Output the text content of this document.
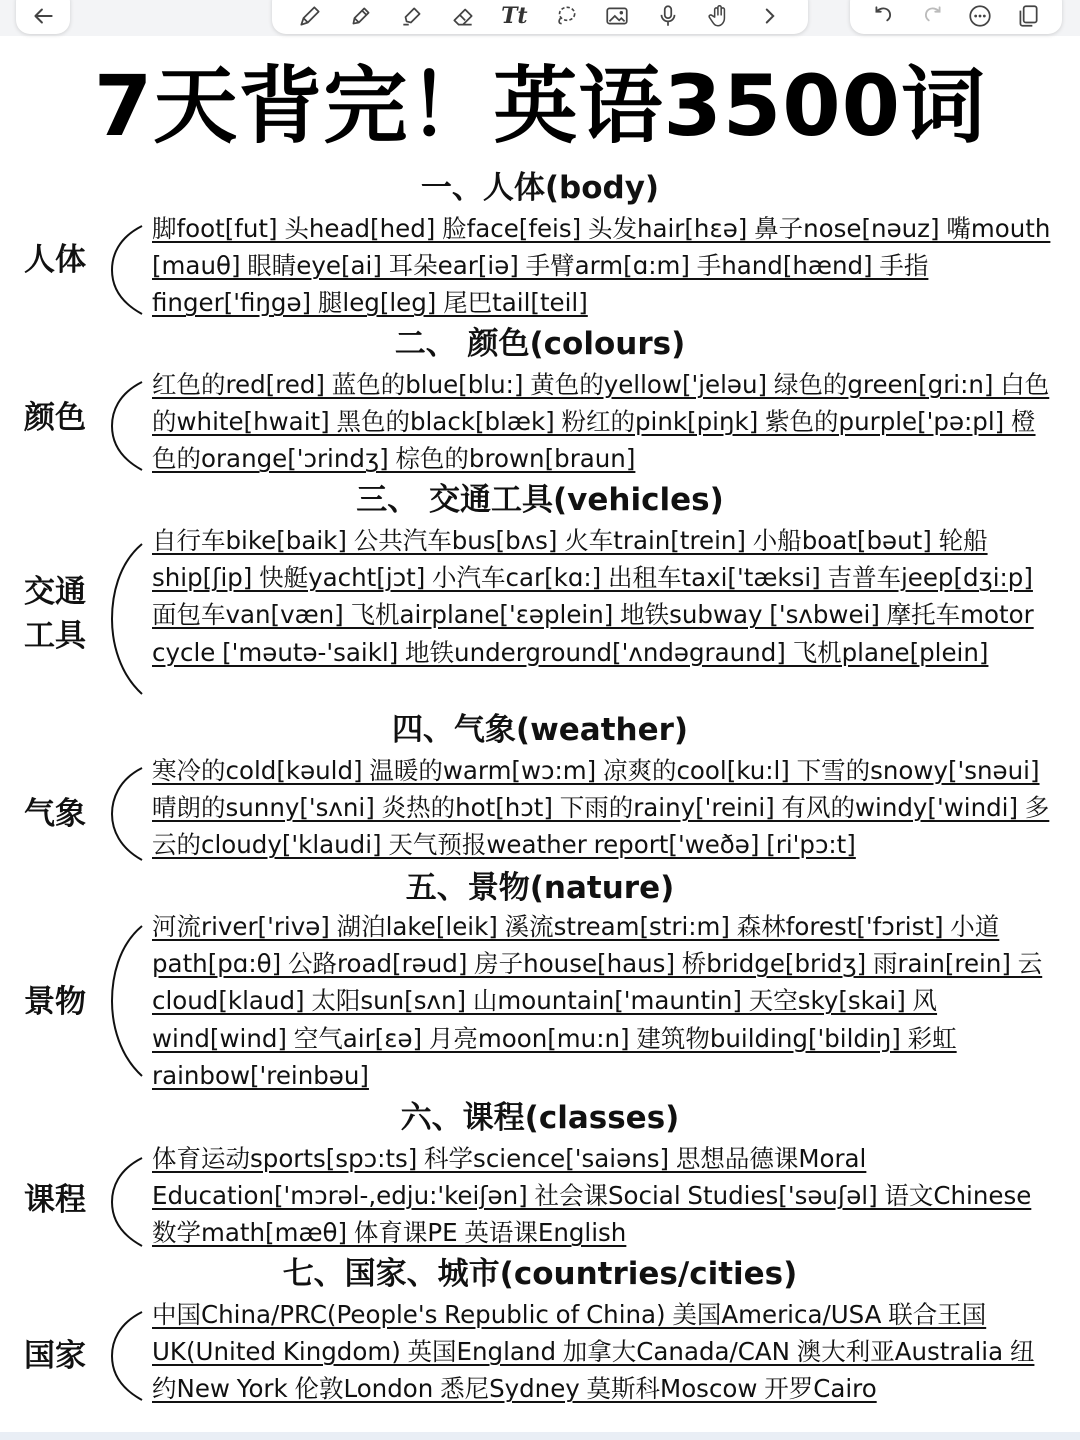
Tt
7天背完！英语3500词
一、人体(body)
人体

脚foot[fut] 头head[hed] 脸face[feis] 头发hair[hɛə] 鼻子nose[nəuz] 嘴mouth [mauθ] 眼睛eye[ai] 耳朵ear[iə] 手臂arm[ɑ:m] 手hand[hænd] 手指finger['fiŋgə] 腿leg[leg] 尾巴tail[teil]

二、 颜色(colours)
颜色

红色的red[red] 蓝色的blue[blu:] 黄色的yellow['jeləu] 绿色的green[gri:n] 白色的white[hwait] 黑色的black[blæk] 粉红的pink[piŋk] 紫色的purple['pə:pl] 橙色的orange['ɔrindʒ] 棕色的brown[braun]

三、 交通工具(vehicles)
交通工具

自行车bike[baik] 公共汽车bus[bʌs] 火车train[trein] 小船boat[bəut] 轮船ship[ʃip] 快艇yacht[jɔt] 小汽车car[kɑ:] 出租车taxi['tæksi] 吉普车jeep[dʒi:p] 面包车van[væn] 飞机airplane['ɛəplein] 地铁subway ['sʌbwei] 摩托车motor cycle ['məutə-'saikl] 地铁underground['ʌndəgraund] 飞机plane[plein]

四、气象(weather)
气象

寒冷的cold[kəuld] 温暖的warm[wɔ:m] 凉爽的cool[ku:l] 下雪的snowy['snəui] 晴朗的sunny['sʌni] 炎热的hot[hɔt] 下雨的rainy['reini] 有风的windy['windi] 多云的cloudy['klaudi] 天气预报weather report['weðə] [ri'pɔ:t]

五、景物(nature)
景物

河流river['rivə] 湖泊lake[leik] 溪流stream[stri:m] 森林forest['fɔrist] 小道path[pɑ:θ] 公路road[rəud] 房子house[haus] 桥bridge[bridʒ] 雨rain[rein] 云cloud[klaud] 太阳sun[sʌn] 山mountain['mauntin] 天空sky[skai] 风wind[wind] 空气air[ɛə] 月亮moon[mu:n] 建筑物building['bildiŋ] 彩虹rainbow['reinbəu]

六、课程(classes)
课程

体育运动sports[spɔ:ts] 科学science['saiəns] 思想品德课Moral Education['mɔrəl-,edju:'keiʃən] 社会课Social Studies['səuʃəl] 语文Chinese 数学math[mæθ] 体育课PE 英语课English

七、国家、城市(countries/cities)
国家

中国China/PRC(People's Republic of China) 美国America/USA 联合王国UK(United Kingdom) 英国England 加拿大Canada/CAN 澳大利亚Australia 纽约New York 伦敦London 悉尼Sydney 莫斯科Moscow 开罗Cairo
